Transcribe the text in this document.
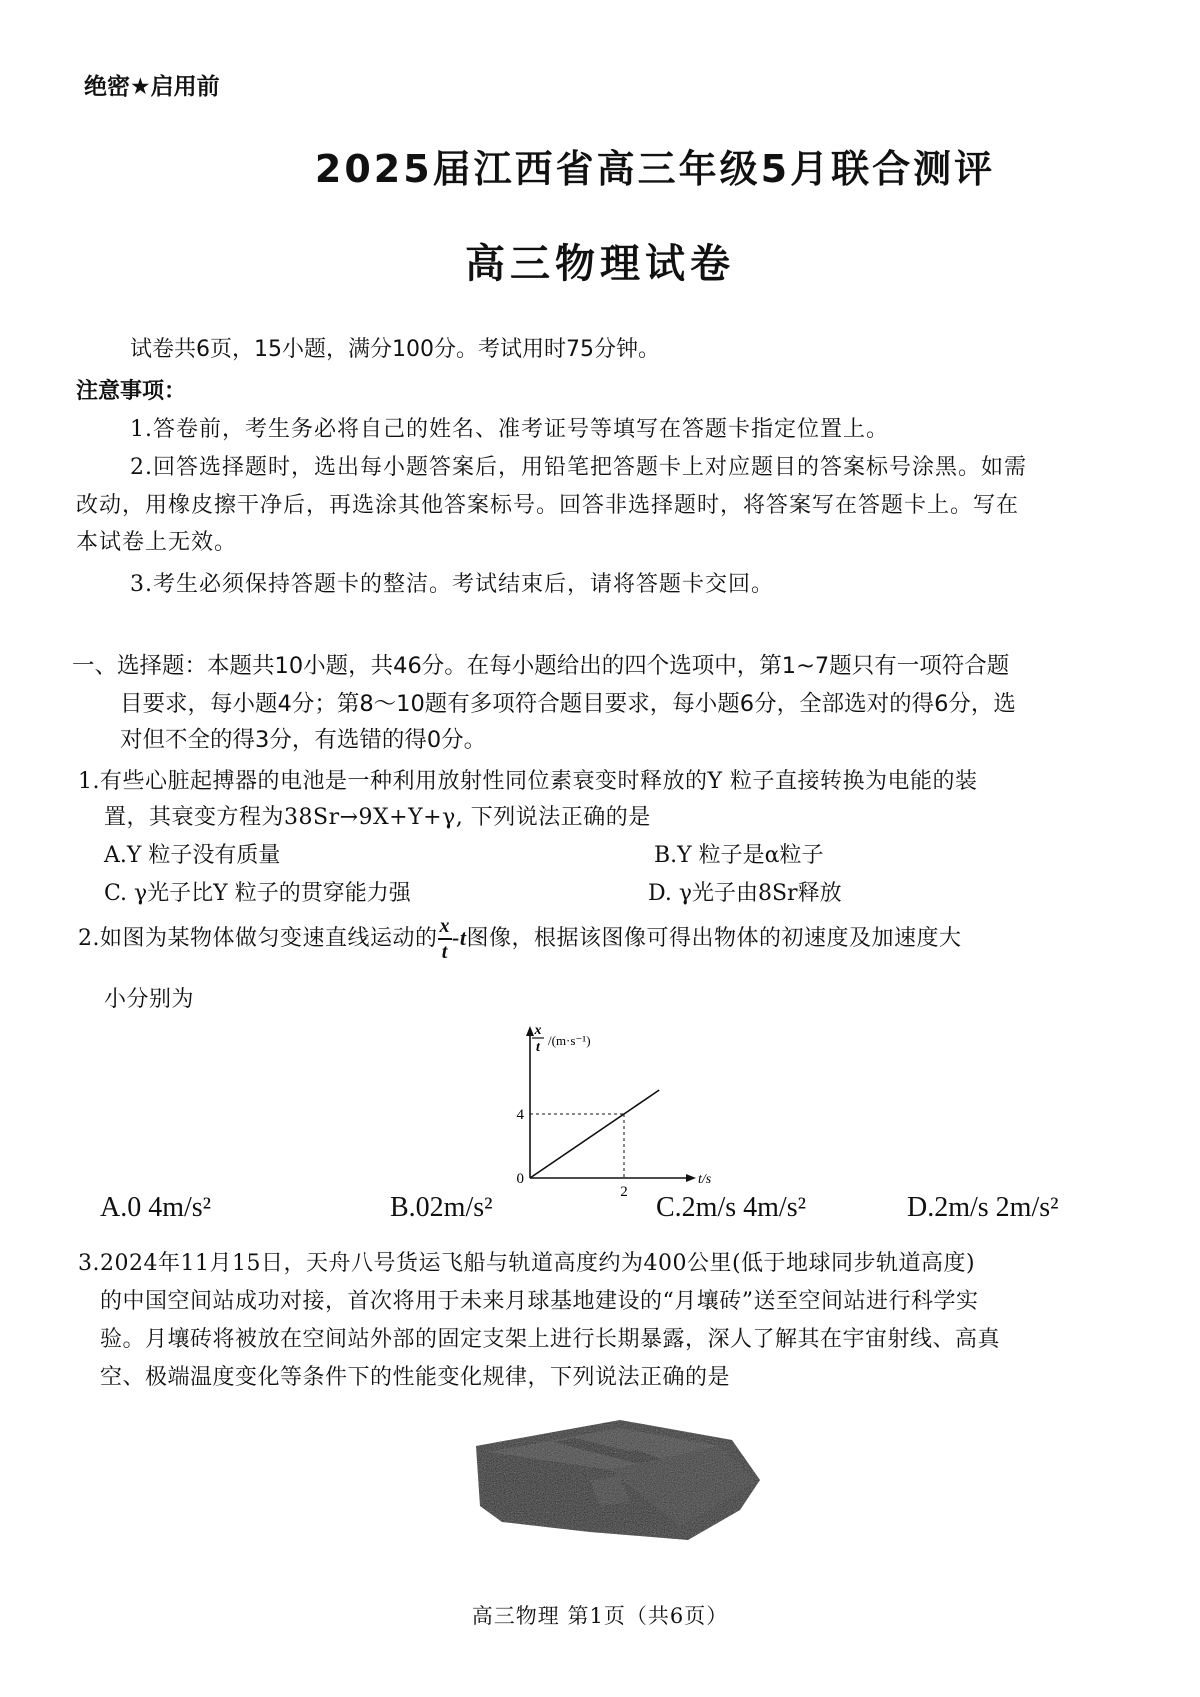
绝密★启用前
2025届江西省高三年级5月联合测评
高三物理试卷
试卷共6页，15小题，满分100分。考试用时75分钟。
注意事项：
1.答卷前，考生务必将自己的姓名、准考证号等填写在答题卡指定位置上。
2.回答选择题时，选出每小题答案后，用铅笔把答题卡上对应题目的答案标号涂黑。如需
改动，用橡皮擦干净后，再选涂其他答案标号。回答非选择题时，将答案写在答题卡上。写在
本试卷上无效。
3.考生必须保持答题卡的整洁。考试结束后，请将答题卡交回。
一、选择题：本题共10小题，共46分。在每小题给出的四个选项中，第1~7题只有一项符合题
目要求，每小题4分；第8～10题有多项符合题目要求，每小题6分，全部选对的得6分，选
对但不全的得3分，有选错的得0分。
1.有些心脏起搏器的电池是一种利用放射性同位素衰变时释放的Y 粒子直接转换为电能的装
置，其衰变方程为38Sr→9X+Y+γ, 下列说法正确的是
A.Y 粒子没有质量	B.Y 粒子是α粒子
C. γ光子比Y 粒子的贯穿能力强	D. γ光子由8Sr释放
2.如图为某物体做匀变速直线运动的 $\frac{x}{t} -t$图像，根据该图像可得出物体的初速度及加速度大
小分别为
x
t /(m·s⁻¹)
t/s
0
4
2
A.0 4m/s²	B.02m/s²	C.2m/s 4m/s²	D.2m/s 2m/s²
3.2024年11月15日，天舟八号货运飞船与轨道高度约为400公里(低于地球同步轨道高度)
的中国空间站成功对接，首次将用于未来月球基地建设的“月壤砖”送至空间站进行科学实
验。月壤砖将被放在空间站外部的固定支架上进行长期暴露，深人了解其在宇宙射线、高真
空、极端温度变化等条件下的性能变化规律，下列说法正确的是
高三物理 第1页（共6页）
